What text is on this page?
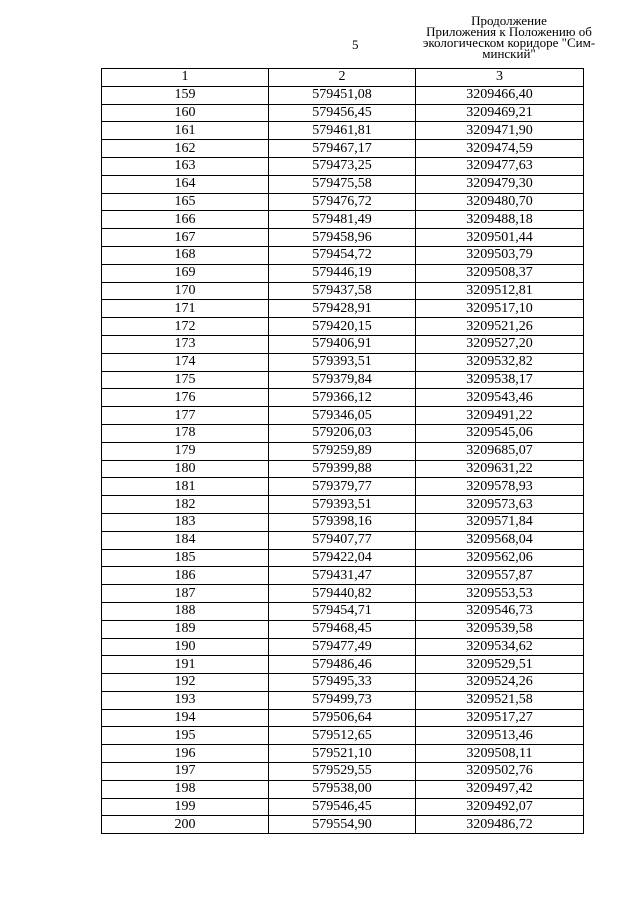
5
Продолжение
Приложения к Положению об
экологическом коридоре "Сим-
минский"
1	2	3
159	579451,08	3209466,40
160	579456,45	3209469,21
161	579461,81	3209471,90
162	579467,17	3209474,59
163	579473,25	3209477,63
164	579475,58	3209479,30
165	579476,72	3209480,70
166	579481,49	3209488,18
167	579458,96	3209501,44
168	579454,72	3209503,79
169	579446,19	3209508,37
170	579437,58	3209512,81
171	579428,91	3209517,10
172	579420,15	3209521,26
173	579406,91	3209527,20
174	579393,51	3209532,82
175	579379,84	3209538,17
176	579366,12	3209543,46
177	579346,05	3209491,22
178	579206,03	3209545,06
179	579259,89	3209685,07
180	579399,88	3209631,22
181	579379,77	3209578,93
182	579393,51	3209573,63
183	579398,16	3209571,84
184	579407,77	3209568,04
185	579422,04	3209562,06
186	579431,47	3209557,87
187	579440,82	3209553,53
188	579454,71	3209546,73
189	579468,45	3209539,58
190	579477,49	3209534,62
191	579486,46	3209529,51
192	579495,33	3209524,26
193	579499,73	3209521,58
194	579506,64	3209517,27
195	579512,65	3209513,46
196	579521,10	3209508,11
197	579529,55	3209502,76
198	579538,00	3209497,42
199	579546,45	3209492,07
200	579554,90	3209486,72
